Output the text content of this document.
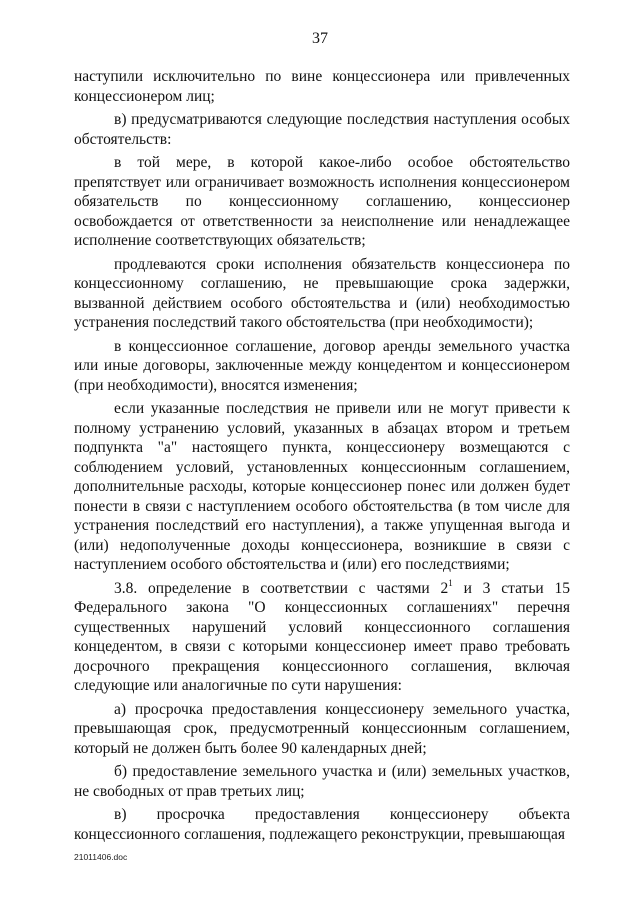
37

наступили исключительно по вине концессионера или привлеченных концессионером лиц;

в) предусматриваются следующие последствия наступления особых обстоятельств:

в той мере, в которой какое-либо особое обстоятельство препятствует или ограничивает возможность исполнения концессионером обязательств по концессионному соглашению, концессионер освобождается от ответственности за неисполнение или ненадлежащее исполнение соответствующих обязательств;

продлеваются сроки исполнения обязательств концессионера по концессионному соглашению, не превышающие срока задержки, вызванной действием особого обстоятельства и (или) необходимостью устранения последствий такого обстоятельства (при необходимости);

в концессионное соглашение, договор аренды земельного участка или иные договоры, заключенные между концедентом и концессионером (при необходимости), вносятся изменения;

если указанные последствия не привели или не могут привести к полному устранению условий, указанных в абзацах втором и третьем подпункта "а" настоящего пункта, концессионеру возмещаются с соблюдением условий, установленных концессионным соглашением, дополнительные расходы, которые концессионер понес или должен будет понести в связи с наступлением особого обстоятельства (в том числе для устранения последствий его наступления), а также упущенная выгода и (или) недополученные доходы концессионера, возникшие в связи с наступлением особого обстоятельства и (или) его последствиями;

3.8. определение в соответствии с частями $2^1$ и 3 статьи 15 Федерального закона "О концессионных соглашениях" перечня существенных нарушений условий концессионного соглашения концедентом, в связи с которыми концессионер имеет право требовать досрочного прекращения концессионного соглашения, включая следующие или аналогичные по сути нарушения:

а) просрочка предоставления концессионеру земельного участка, превышающая срок, предусмотренный концессионным соглашением, который не должен быть более 90 календарных дней;

б) предоставление земельного участка и (или) земельных участков, не свободных от прав третьих лиц;

в) просрочка предоставления концессионеру объекта концессионного соглашения, подлежащего реконструкции, превышающая

21011406.doc
